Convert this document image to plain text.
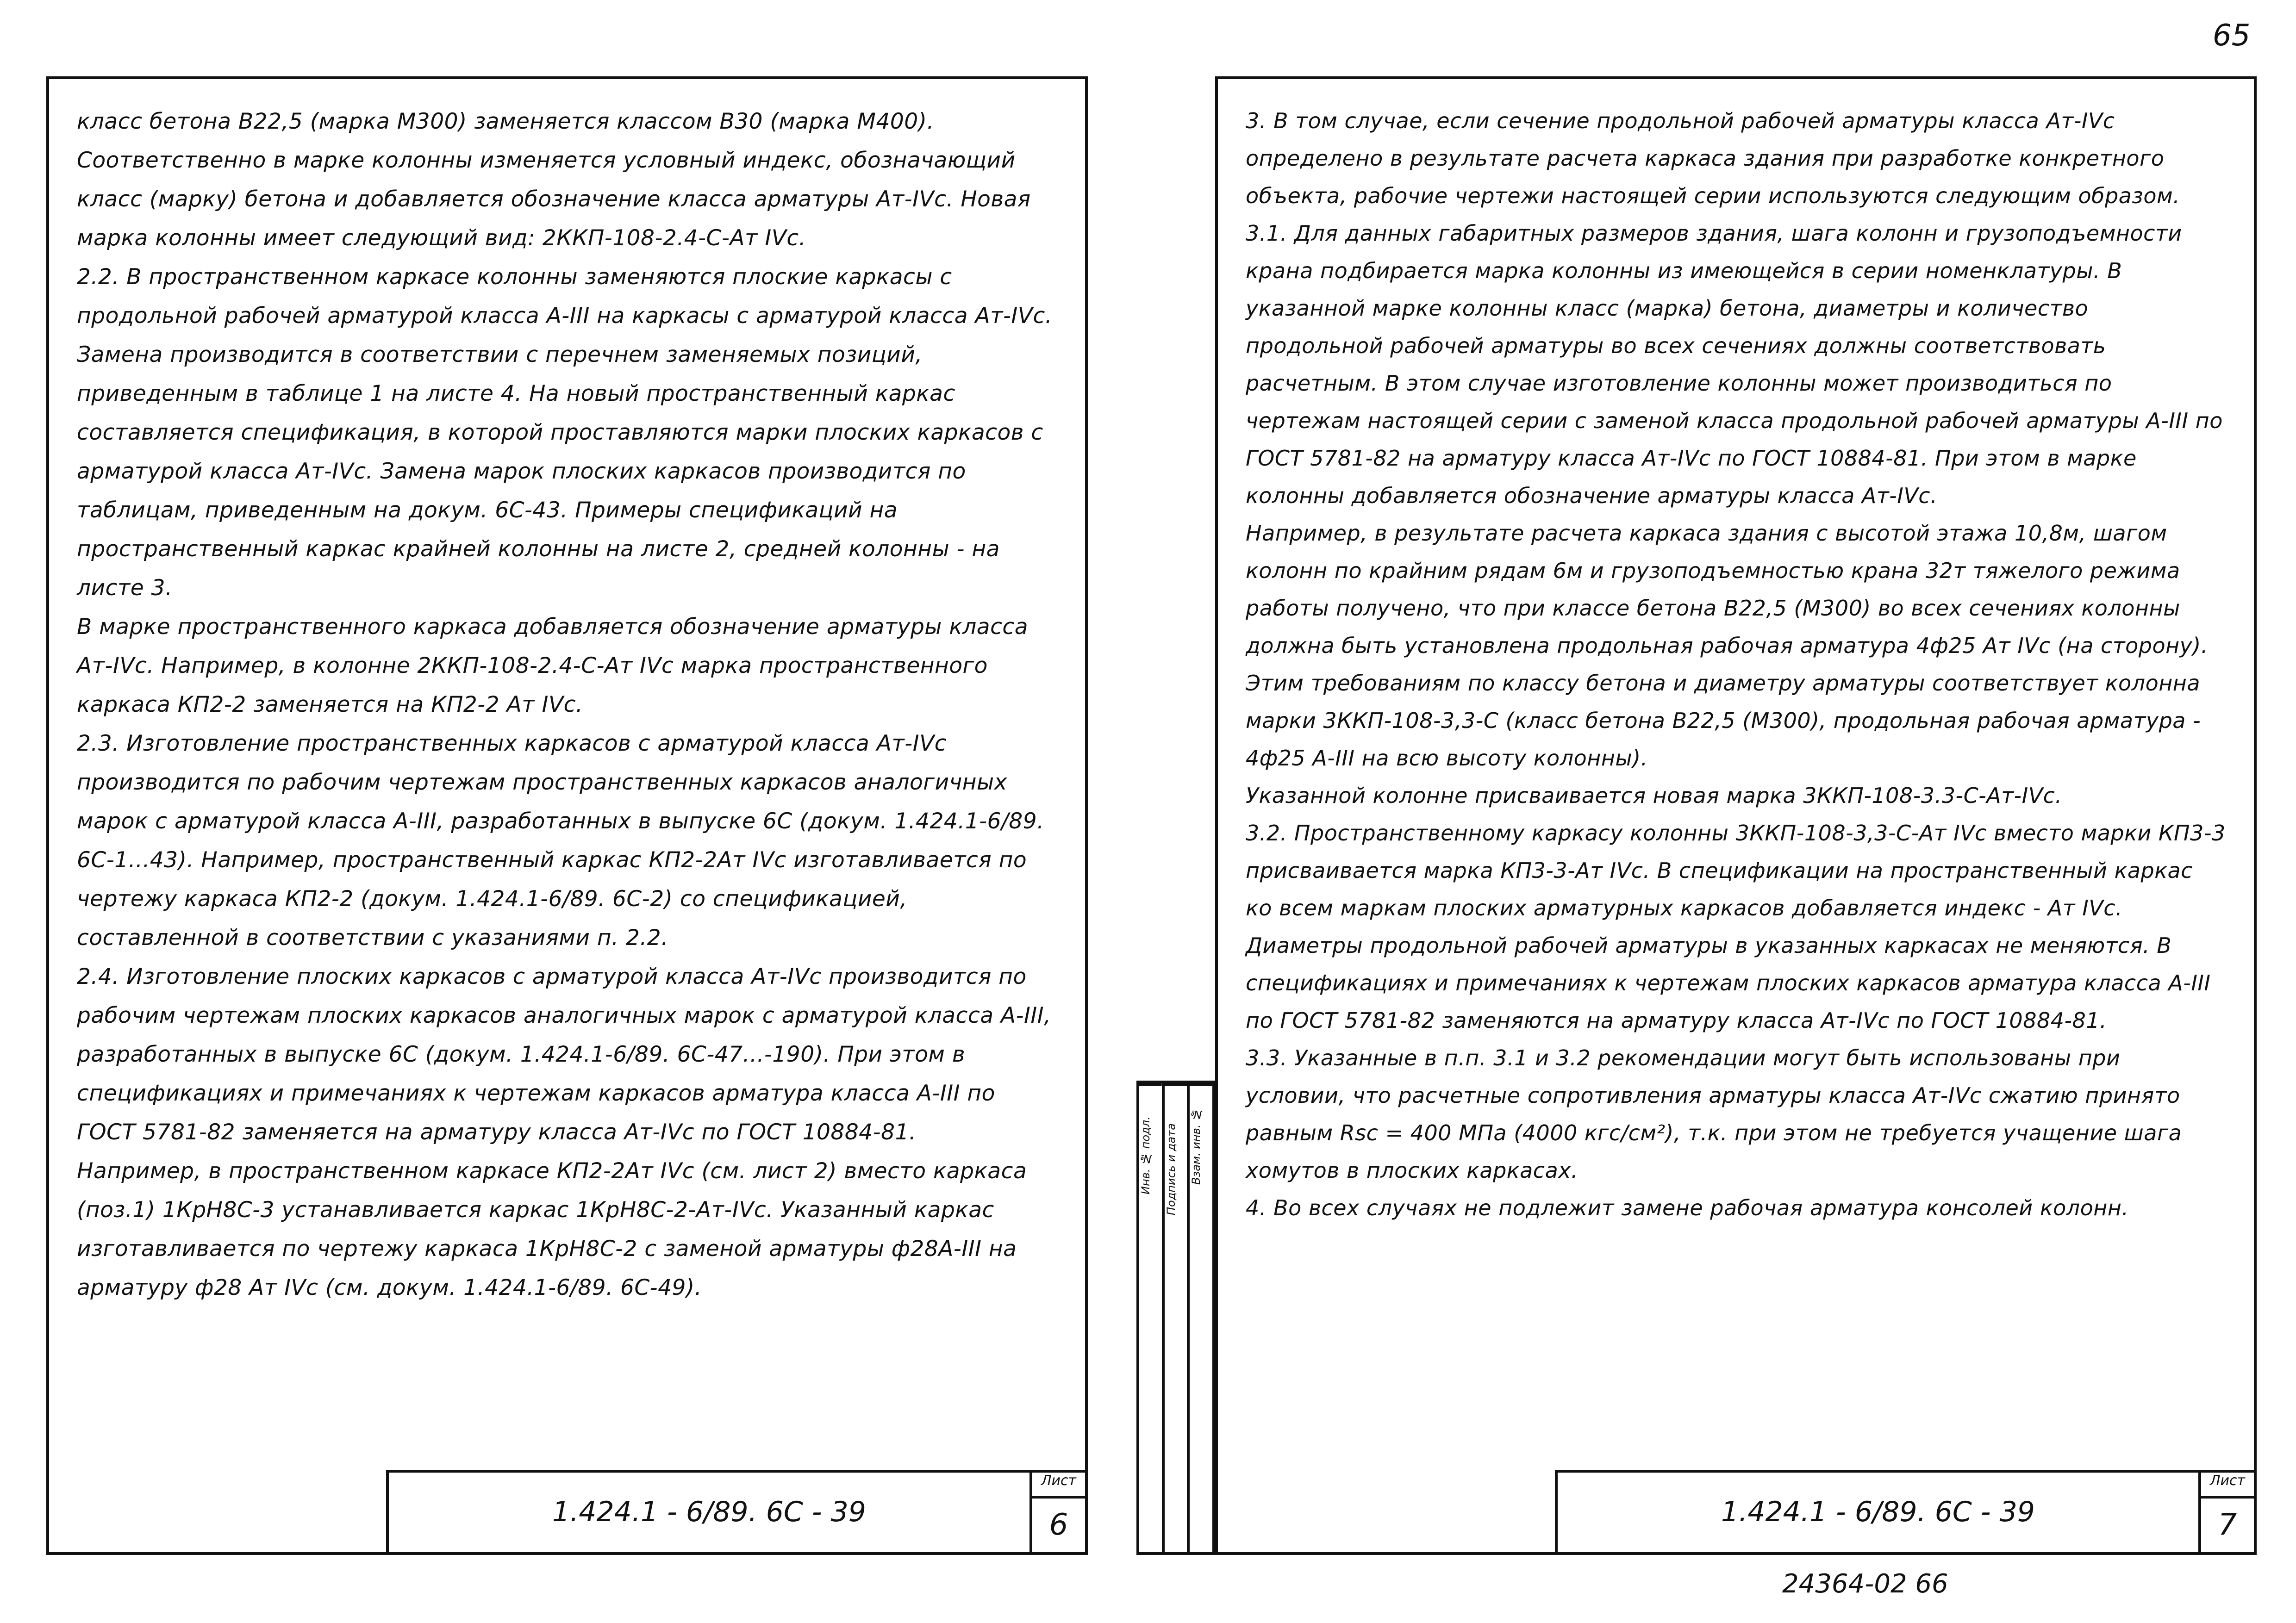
65

класс бетона В22,5 (марка М300) заменяется классом В30 (марка М400). Соответственно в марке колонны изменяется условный индекс, обозначающий класс (марку) бетона и добавляется обозначение класса арматуры Ат-IVс. Новая марка колонны имеет следующий вид: 2ККП-108-2.4-С-Ат IVс.

2.2. В пространственном каркасе колонны заменяются плоские каркасы с продольной рабочей арматурой класса А-III на каркасы с арматурой класса Ат-IVс. Замена производится в соответствии с перечнем заменяемых позиций, приведенным в таблице 1 на листе 4. На новый пространственный каркас составляется спецификация, в которой проставляются марки плоских каркасов с арматурой класса Ат-IVс. Замена марок плоских каркасов производится по таблицам, приведенным на докум. 6С-43. Примеры спецификаций на пространственный каркас крайней колонны на листе 2, средней колонны - на листе 3.

В марке пространственного каркаса добавляется обозначение арматуры класса Ат-IVс. Например, в колонне 2ККП-108-2.4-С-Ат IVс марка пространственного каркаса КП2-2 заменяется на КП2-2 Ат IVс.

2.3. Изготовление пространственных каркасов с арматурой класса Ат-IVс производится по рабочим чертежам пространственных каркасов аналогичных марок с арматурой класса А-III, разработанных в выпуске 6С (докум. 1.424.1-6/89. 6С-1...43). Например, пространственный каркас КП2-2Ат IVс изготавливается по чертежу каркаса КП2-2 (докум. 1.424.1-6/89. 6С-2) со спецификацией, составленной в соответствии с указаниями п. 2.2.

2.4. Изготовление плоских каркасов с арматурой класса Ат-IVс производится по рабочим чертежам плоских каркасов аналогичных марок с арматурой класса А-III, разработанных в выпуске 6С (докум. 1.424.1-6/89. 6С-47...-190). При этом в спецификациях и примечаниях к чертежам каркасов арматура класса А-III по ГОСТ 5781-82 заменяется на арматуру класса Ат-IVс по ГОСТ 10884-81.

Например, в пространственном каркасе КП2-2Ат IVс (см. лист 2) вместо каркаса (поз.1) 1КрН8С-3 устанавливается каркас 1КрН8С-2-Ат-IVс. Указанный каркас изготавливается по чертежу каркаса 1КрН8С-2 с заменой арматуры ф28А-III на арматуру ф28 Ат IVс (см. докум. 1.424.1-6/89. 6С-49).

1.424.1 - 6/89. 6С - 39
Лист
6
Инв. № подл.	Подпись и дата	Взам. инв. №

3. В том случае, если сечение продольной рабочей арматуры класса Ат-IVс определено в результате расчета каркаса здания при разработке конкретного объекта, рабочие чертежи настоящей серии используются следующим образом.

3.1. Для данных габаритных размеров здания, шага колонн и грузоподъемности крана подбирается марка колонны из имеющейся в серии номенклатуры. В указанной марке колонны класс (марка) бетона, диаметры и количество продольной рабочей арматуры во всех сечениях должны соответствовать расчетным. В этом случае изготовление колонны может производиться по чертежам настоящей серии с заменой класса продольной рабочей арматуры А-III по ГОСТ 5781-82 на арматуру класса Ат-IVс по ГОСТ 10884-81. При этом в марке колонны добавляется обозначение арматуры класса Ат-IVс.

Например, в результате расчета каркаса здания с высотой этажа 10,8м, шагом колонн по крайним рядам 6м и грузоподъемностью крана 32т тяжелого режима работы получено, что при классе бетона В22,5 (М300) во всех сечениях колонны должна быть установлена продольная рабочая арматура 4ф25 Ат IVс (на сторону). Этим требованиям по классу бетона и диаметру арматуры соответствует колонна марки 3ККП-108-3,3-С (класс бетона В22,5 (М300), продольная рабочая арматура - 4ф25 А-III на всю высоту колонны).

Указанной колонне присваивается новая марка 3ККП-108-3.3-С-Ат-IVс.

3.2. Пространственному каркасу колонны 3ККП-108-3,3-С-Ат IVс вместо марки КП3-3 присваивается марка КП3-3-Ат IVс. В спецификации на пространственный каркас ко всем маркам плоских арматурных каркасов добавляется индекс - Ат IVс. Диаметры продольной рабочей арматуры в указанных каркасах не меняются. В спецификациях и примечаниях к чертежам плоских каркасов арматура класса А-III по ГОСТ 5781-82 заменяются на арматуру класса Ат-IVс по ГОСТ 10884-81.

3.3. Указанные в п.п. 3.1 и 3.2 рекомендации могут быть использованы при условии, что расчетные сопротивления арматуры класса Ат-IVс сжатию принято равным Rsc = 400 МПа (4000 кгс/см²), т.к. при этом не требуется учащение шага хомутов в плоских каркасах.

4. Во всех случаях не подлежит замене рабочая арматура консолей колонн.

1.424.1 - 6/89. 6С - 39
Лист
7
24364-02 66
